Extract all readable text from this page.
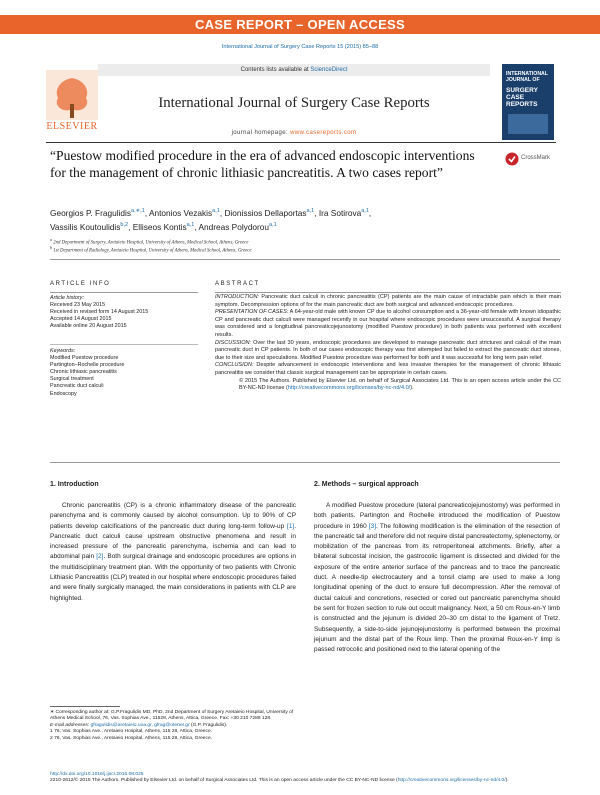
CASE REPORT – OPEN ACCESS
International Journal of Surgery Case Reports 15 (2015) 85–88
Contents lists available at ScienceDirect
International Journal of Surgery Case Reports
journal homepage: www.casereports.com
ELSEVIER
INTERNATIONAL
JOURNAL OF
SURGERY
CASE
REPORTS
“Puestow modified procedure in the era of advanced endoscopic interventions for the management of chronic lithiasic pancreatitis. A two cases report”
CrossMark
Georgios P. Fragulidis$^{a,∗,1}$, Antonios Vezakis$^{a,1}$, Dionissios Dellaportas$^{a,1}$, Ira Sotirova$^{a,1}$,
Vassilis Koutoulidis$^{b,2}$, Elliseos Kontis$^{a,1}$, Andreas Polydorou$^{a,1}$
$^a$ 2nd Department of Surgery, Aretaieio Hospital, University of Athens, Medical School, Athens, Greece
$^b$ 1st Department of Radiology, Aretaieio Hospital, University of Athens, Medical School, Athens, Greece
ARTICLE INFO	ABSTRACT
Article history:
Received 23 May 2015
Received in revised form 14 August 2015
Accepted 14 August 2015
Available online 20 August 2015
Keywords:
Modified Puestow procedure
Partington–Rochelle procedure
Chronic lithiasic pancreatitis
Surgical treatment
Pancreatic duct calculi
Endoscopy
INTRODUCTION: Pancreatic duct calculi in chronic pancreatitis (CP) patients are the main cause of intractable pain which is their main symptom. Decompression options of for the main pancreatic duct are both surgical and advanced endoscopic procedures.
PRESENTATION OF CASES: A 64-year-old male with known CP due to alcohol consumption and a 36-year-old female with known idiopathic CP and pancreatic duct calculi were managed recently in our hospital where endoscopic procedures were unsuccessful. A surgical therapy was considered and a longitudinal pancreaticojejunostomy (modified Puestow procedure) in both patients was performed with excellent results.
DISCUSSION: Over the last 30 years, endoscopic procedures are developed to manage pancreatic duct strictures and calculi of the main pancreatic duct in CP patients. In both of our cases endoscopic therapy was first attempted but failed to extract the pancreatic duct stones, due to their size and speculations. Modified Puestow procedure was performed for both and it was successful for long term pain relief.
CONCLUSION: Despite advancement in endoscopic interventions and less invasive therapies for the management of chronic lithiasic pancreatitis we consider that classic surgical management can be appropriate in certain cases.
© 2015 The Authors. Published by Elsevier Ltd. on behalf of Surgical Associates Ltd. This is an open access article under the CC BY-NC-ND license (http://creativecommons.org/licenses/by-nc-nd/4.0/).
1. Introduction
Chronic pancreatitis (CP) is a chronic inflammatory disease of the pancreatic parenchyma and is commonly caused by alcohol consumption. Up to 90% of CP patients develop calcifications of the pancreatic duct during long-term follow-up [1]. Pancreatic duct calculi cause upstream obstructive phenomena and result in increased pressure of the pancreatic parenchyma, ischemia and can lead to abdominal pain [2]. Both surgical drainage and endoscopic procedures are options in the multidisciplinary treatment plan. With the opportunity of two patients with Chronic Lithiasic Pancreatitis (CLP) treated in our hospital where endoscopic procedures failed and were finally surgically managed, the main considerations in patients with CLP are highlighted.
2. Methods – surgical approach
A modified Puestow procedure (lateral pancreaticojejunostomy) was performed in both patients. Partington and Rochelle introduced the modification of Puestow procedure in 1960 [3]. The following modification is the elimination of the resection of the pancreatic tail and therefore did not require distal pancreatectomy, splenectomy, or mobilization of the pancreas from its retroperitoneal attchments. Briefly, after a bilateral subcostal incision, the gastrocolic ligament is dissected and divided for the exposure of the entire anterior surface of the pancreas and to trace the pancreatic duct. A needle-tip electrocautery and a tonsil clamp are used to make a long longitudinal opening of the duct to ensure full decompression. After the removal of ductal calculi and concretions, resected or cored out pancreatic parenchyma should be sent for frozen section to rule out occult malignancy. Next, a 50 cm Roux-en-Y limb is constructed and the jejunum is divided 20–30 cm distal to the ligament of Tretz. Subsequently, a side-to-side jejunojejunostomy is performed between the proximal jejunum and the distal part of the Roux limp. Then the proximal Roux-en-Y limp is passed retrocolic and positioned next to the lateral opening of the
∗ Corresponding author at: G.P.Fragulidis MD, PhD, 2nd Department of Surgery Aretaieio Hospital, University of Athens Medical School, 76, Vas. Sophias Ave., 11528, Athens, Attica, Greece. Fax: +30 210 7286 128.
E-mail addresses: gfragulidis@aretaieio.uoa.gr, gfrag@otenet.gr (G.P. Fragulidis).
1 76, Vas. Sophias Ave., Aretaieio Hospital, Athens, 115 28, Attica, Greece.
2 76, Vas. Sophias Ave., Aretaieio Hospital, Athens, 115 28, Attica, Greece.
http://dx.doi.org/10.1016/j.ijscr.2015.08.025
2210-2612/© 2015 The Authors. Published by Elsevier Ltd. on behalf of Surgical Associates Ltd. This is an open access article under the CC BY-NC-ND license (http://creativecommons.org/licenses/by-nc-nd/4.0/).
